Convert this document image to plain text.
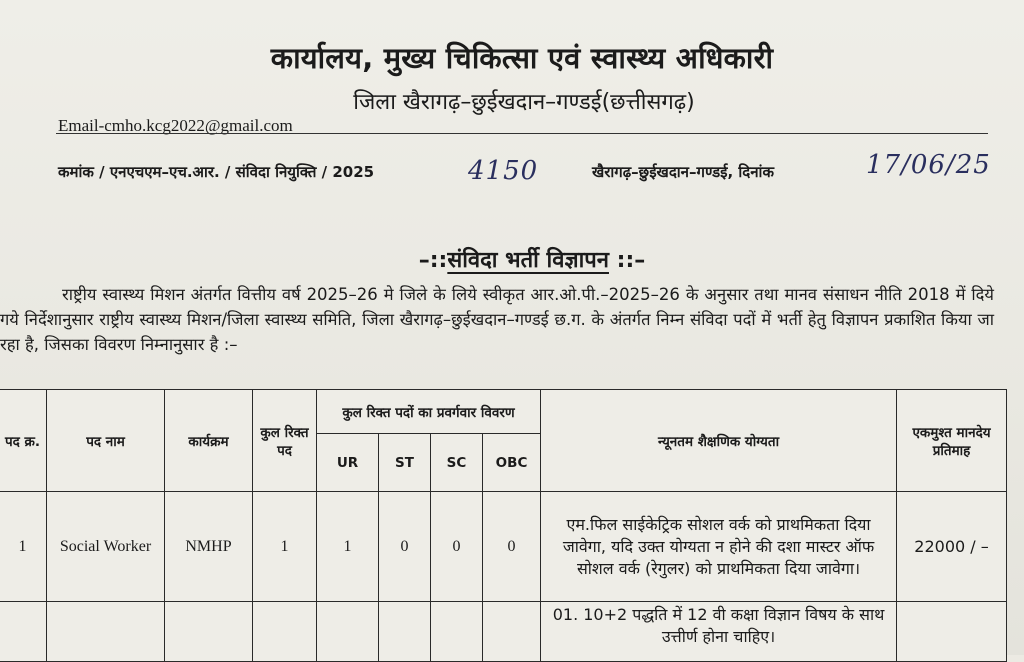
कार्यालय, मुख्य चिकित्सा एवं स्वास्थ्य अधिकारी
जिला खैरागढ़–छुईखदान–गण्डई(छत्तीसगढ़)
Email-cmho.kcg2022@gmail.com
कमांक / एनएचएम–एच.आर. / संविदा नियुक्ति / 2025	4150	खैरागढ़–छुईखदान–गण्डई, दिनांक	17/06/25
–::संविदा भर्ती विज्ञापन ::–

राष्ट्रीय स्वास्थ्य मिशन अंतर्गत वित्तीय वर्ष 2025–26 मे जिले के लिये स्वीकृत आर.ओ.पी.–2025–26 के अनुसार तथा मानव संसाधन नीति 2018 में दिये गये निर्देशानुसार राष्ट्रीय स्वास्थ्य मिशन/जिला स्वास्थ्य समिति, जिला खैरागढ़–छुईखदान–गण्डई छ.ग. के अंतर्गत निम्न संविदा पदों में भर्ती हेतु विज्ञापन प्रकाशित किया जा रहा है, जिसका विवरण निम्नानुसार है :–

पद क्र.	पद नाम	कार्यक्रम	कुल रिक्त पद	कुल रिक्त पदों का प्रवर्गवार विवरण				न्यूनतम शैक्षणिक योग्यता	एकमुश्त मानदेय प्रतिमाह
				UR	ST	SC	OBC		
1	Social Worker	NMHP	1	1	0	0	0	एम.फिल साईकेट्रिक सोशल वर्क को प्राथमिकता दिया जावेगा, यदि उक्त योग्यता न होने की दशा मास्टर ऑफ सोशल वर्क (रेगुलर) को प्राथमिकता दिया जावेगा।	22000 / –
								01. 10+2 पद्धति में 12 वी कक्षा विज्ञान विषय के साथ उत्तीर्ण होना चाहिए।	
